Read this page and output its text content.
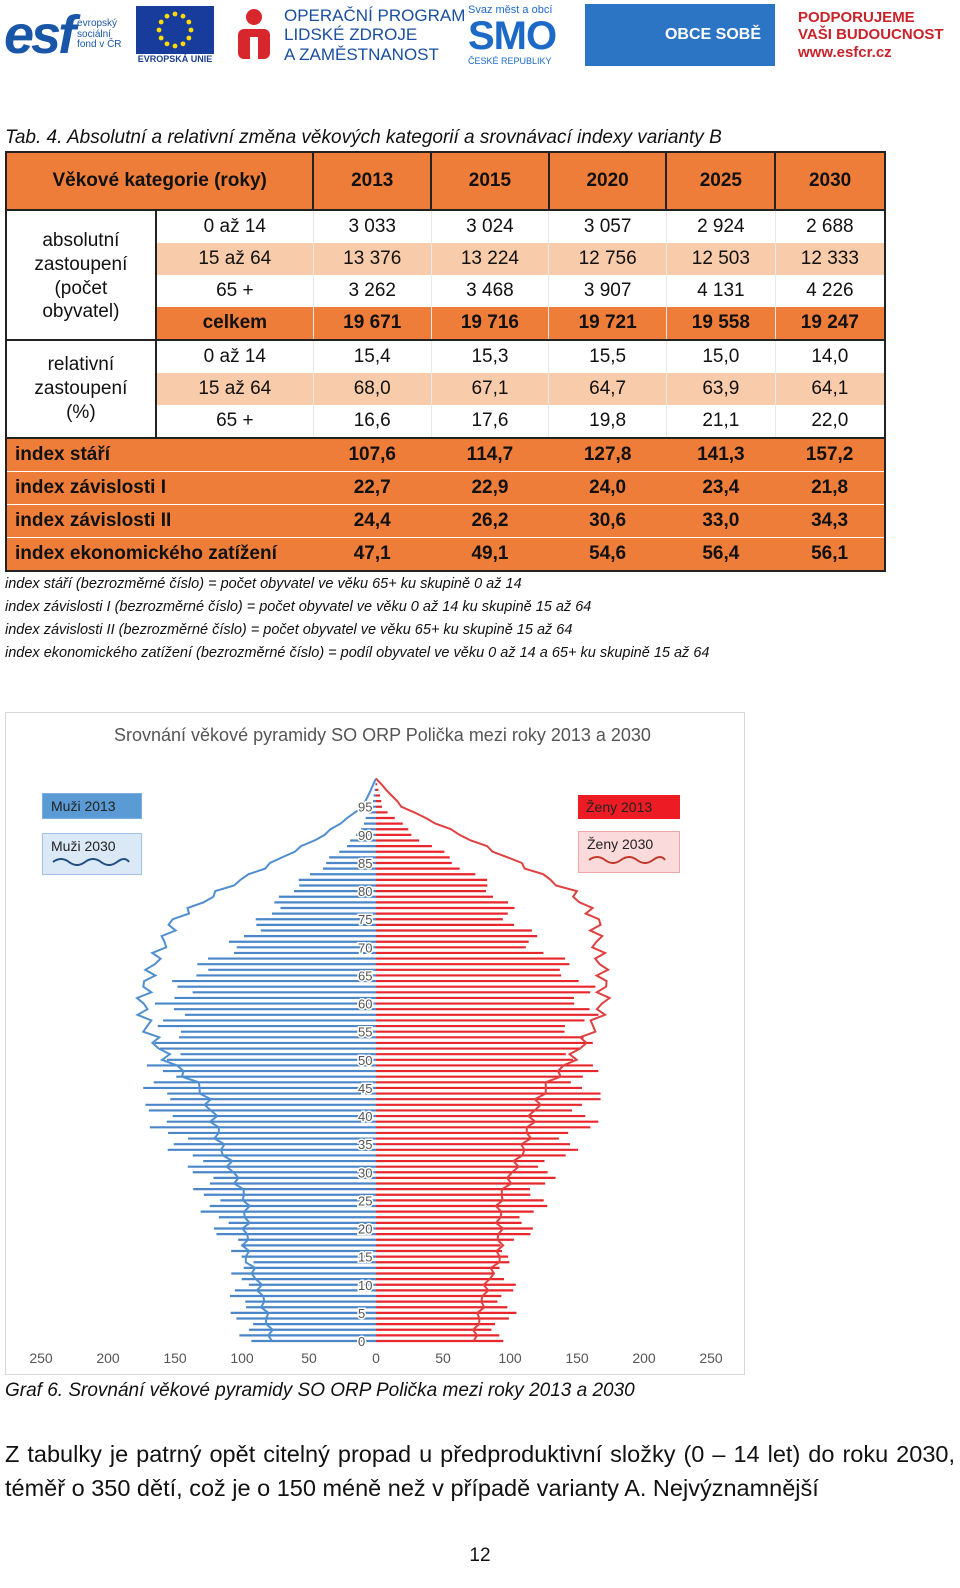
esf evropský
sociální
fond v ČR
EVROPSKÁ UNIE
OPERAČNÍ PROGRAM
LIDSKÉ ZDROJE
A ZAMĚSTNANOST
Svaz měst a obcí
SMO
ČESKÉ REPUBLIKY
OBCE SOBĚ
PODPORUJEME
VAŠI BUDOUCNOST
www.esfcr.cz
Tab. 4. Absolutní a relativní změna věkových kategorií a srovnávací indexy varianty B
Věkové kategorie (roky)		2013	2015	2020	2025	2030

absolutní
zastoupení
(počet
obyvatel)	0 až 14	3 033	3 024	3 057	2 924	2 688
	15 až 64	13 376	13 224	12 756	12 503	12 333
	65 +	3 262	3 468	3 907	4 131	4 226
	celkem	19 671	19 716	19 721	19 558	19 247

relativní
zastoupení
(%)	0 až 14	15,4	15,3	15,5	15,0	14,0
	15 až 64	68,0	67,1	64,7	63,9	64,1
	65 +	16,6	17,6	19,8	21,1	22,0
index stáří		107,6	114,7	127,8	141,3	157,2
index závislosti I		22,7	22,9	24,0	23,4	21,8
index závislosti II		24,4	26,2	30,6	33,0	34,3
index ekonomického zatížení		47,1	49,1	54,6	56,4	56,1
index stáří (bezrozměrné číslo) = počet obyvatel ve věku 65+ ku skupině 0 až 14
index závislosti I (bezrozměrné číslo) = počet obyvatel ve věku 0 až 14 ku skupině 15 až 64
index závislosti II (bezrozměrné číslo) = počet obyvatel ve věku 65+ ku skupině 15 až 64
index ekonomického zatížení (bezrozměrné číslo) = podíl obyvatel ve věku 0 až 14 a 65+ ku skupině 15 až 64
Srovnání věkové pyramidy SO ORP Polička mezi roky 2013 a 2030
0
5
10
15
20
25
30
35
40
45
50
55
60
65
70
75
80
85
90
95
250	200	150	100	50	0	50	100	150	200	250
Muži 2013
Muži 2030
Ženy 2013
Ženy 2030
Graf 6. Srovnání věkové pyramidy SO ORP Polička mezi roky 2013 a 2030
Z tabulky je patrný opět citelný propad u předproduktivní složky (0 – 14 let) do roku 2030, téměř o 350 dětí, což je o 150 méně než v případě varianty A. Nejvýznamnější
12
